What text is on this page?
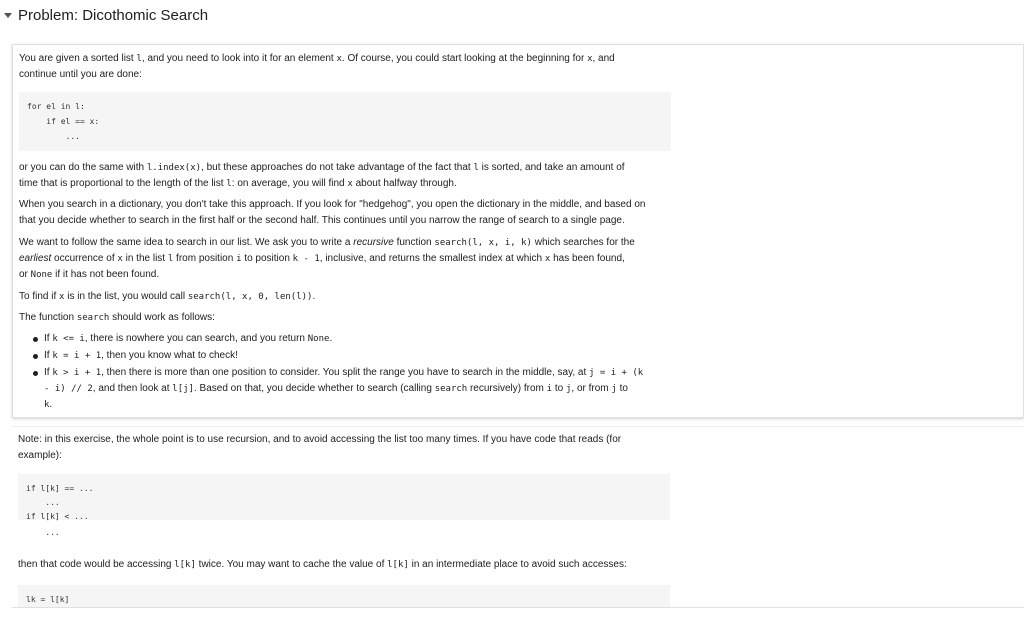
Problem: Dicothomic Search
You are given a sorted list l, and you need to look into it for an element x. Of course, you could start looking at the beginning for x, and
continue until you are done:
for el in l:
if el == x:
...
or you can do the same with l.index(x), but these approaches do not take advantage of the fact that l is sorted, and take an amount of
time that is proportional to the length of the list l: on average, you will find x about halfway through.
When you search in a dictionary, you don't take this approach. If you look for "hedgehog", you open the dictionary in the middle, and based on
that you decide whether to search in the first half or the second half. This continues until you narrow the range of search to a single page.
We want to follow the same idea to search in our list. We ask you to write a recursive function search(l, x, i, k) which searches for the
earliest occurrence of x in the list l from position i to position k - 1, inclusive, and returns the smallest index at which x has been found,
or None if it has not been found.
To find if x is in the list, you would call search(l, x, 0, len(l)).
The function search should work as follows:
If k <= i, there is nowhere you can search, and you return None.
If k = i + 1, then you know what to check!
If k > i + 1, then there is more than one position to consider. You split the range you have to search in the middle, say, at j = i + (k
- i) // 2, and then look at l[j]. Based on that, you decide whether to search (calling search recursively) from i to j, or from j to
k.
Note: in this exercise, the whole point is to use recursion, and to avoid accessing the list too many times. If you have code that reads (for
example):
if l[k] == ...
...
if l[k] < ...
...
then that code would be accessing l[k] twice. You may want to cache the value of l[k] in an intermediate place to avoid such accesses:
lk = l[k]
